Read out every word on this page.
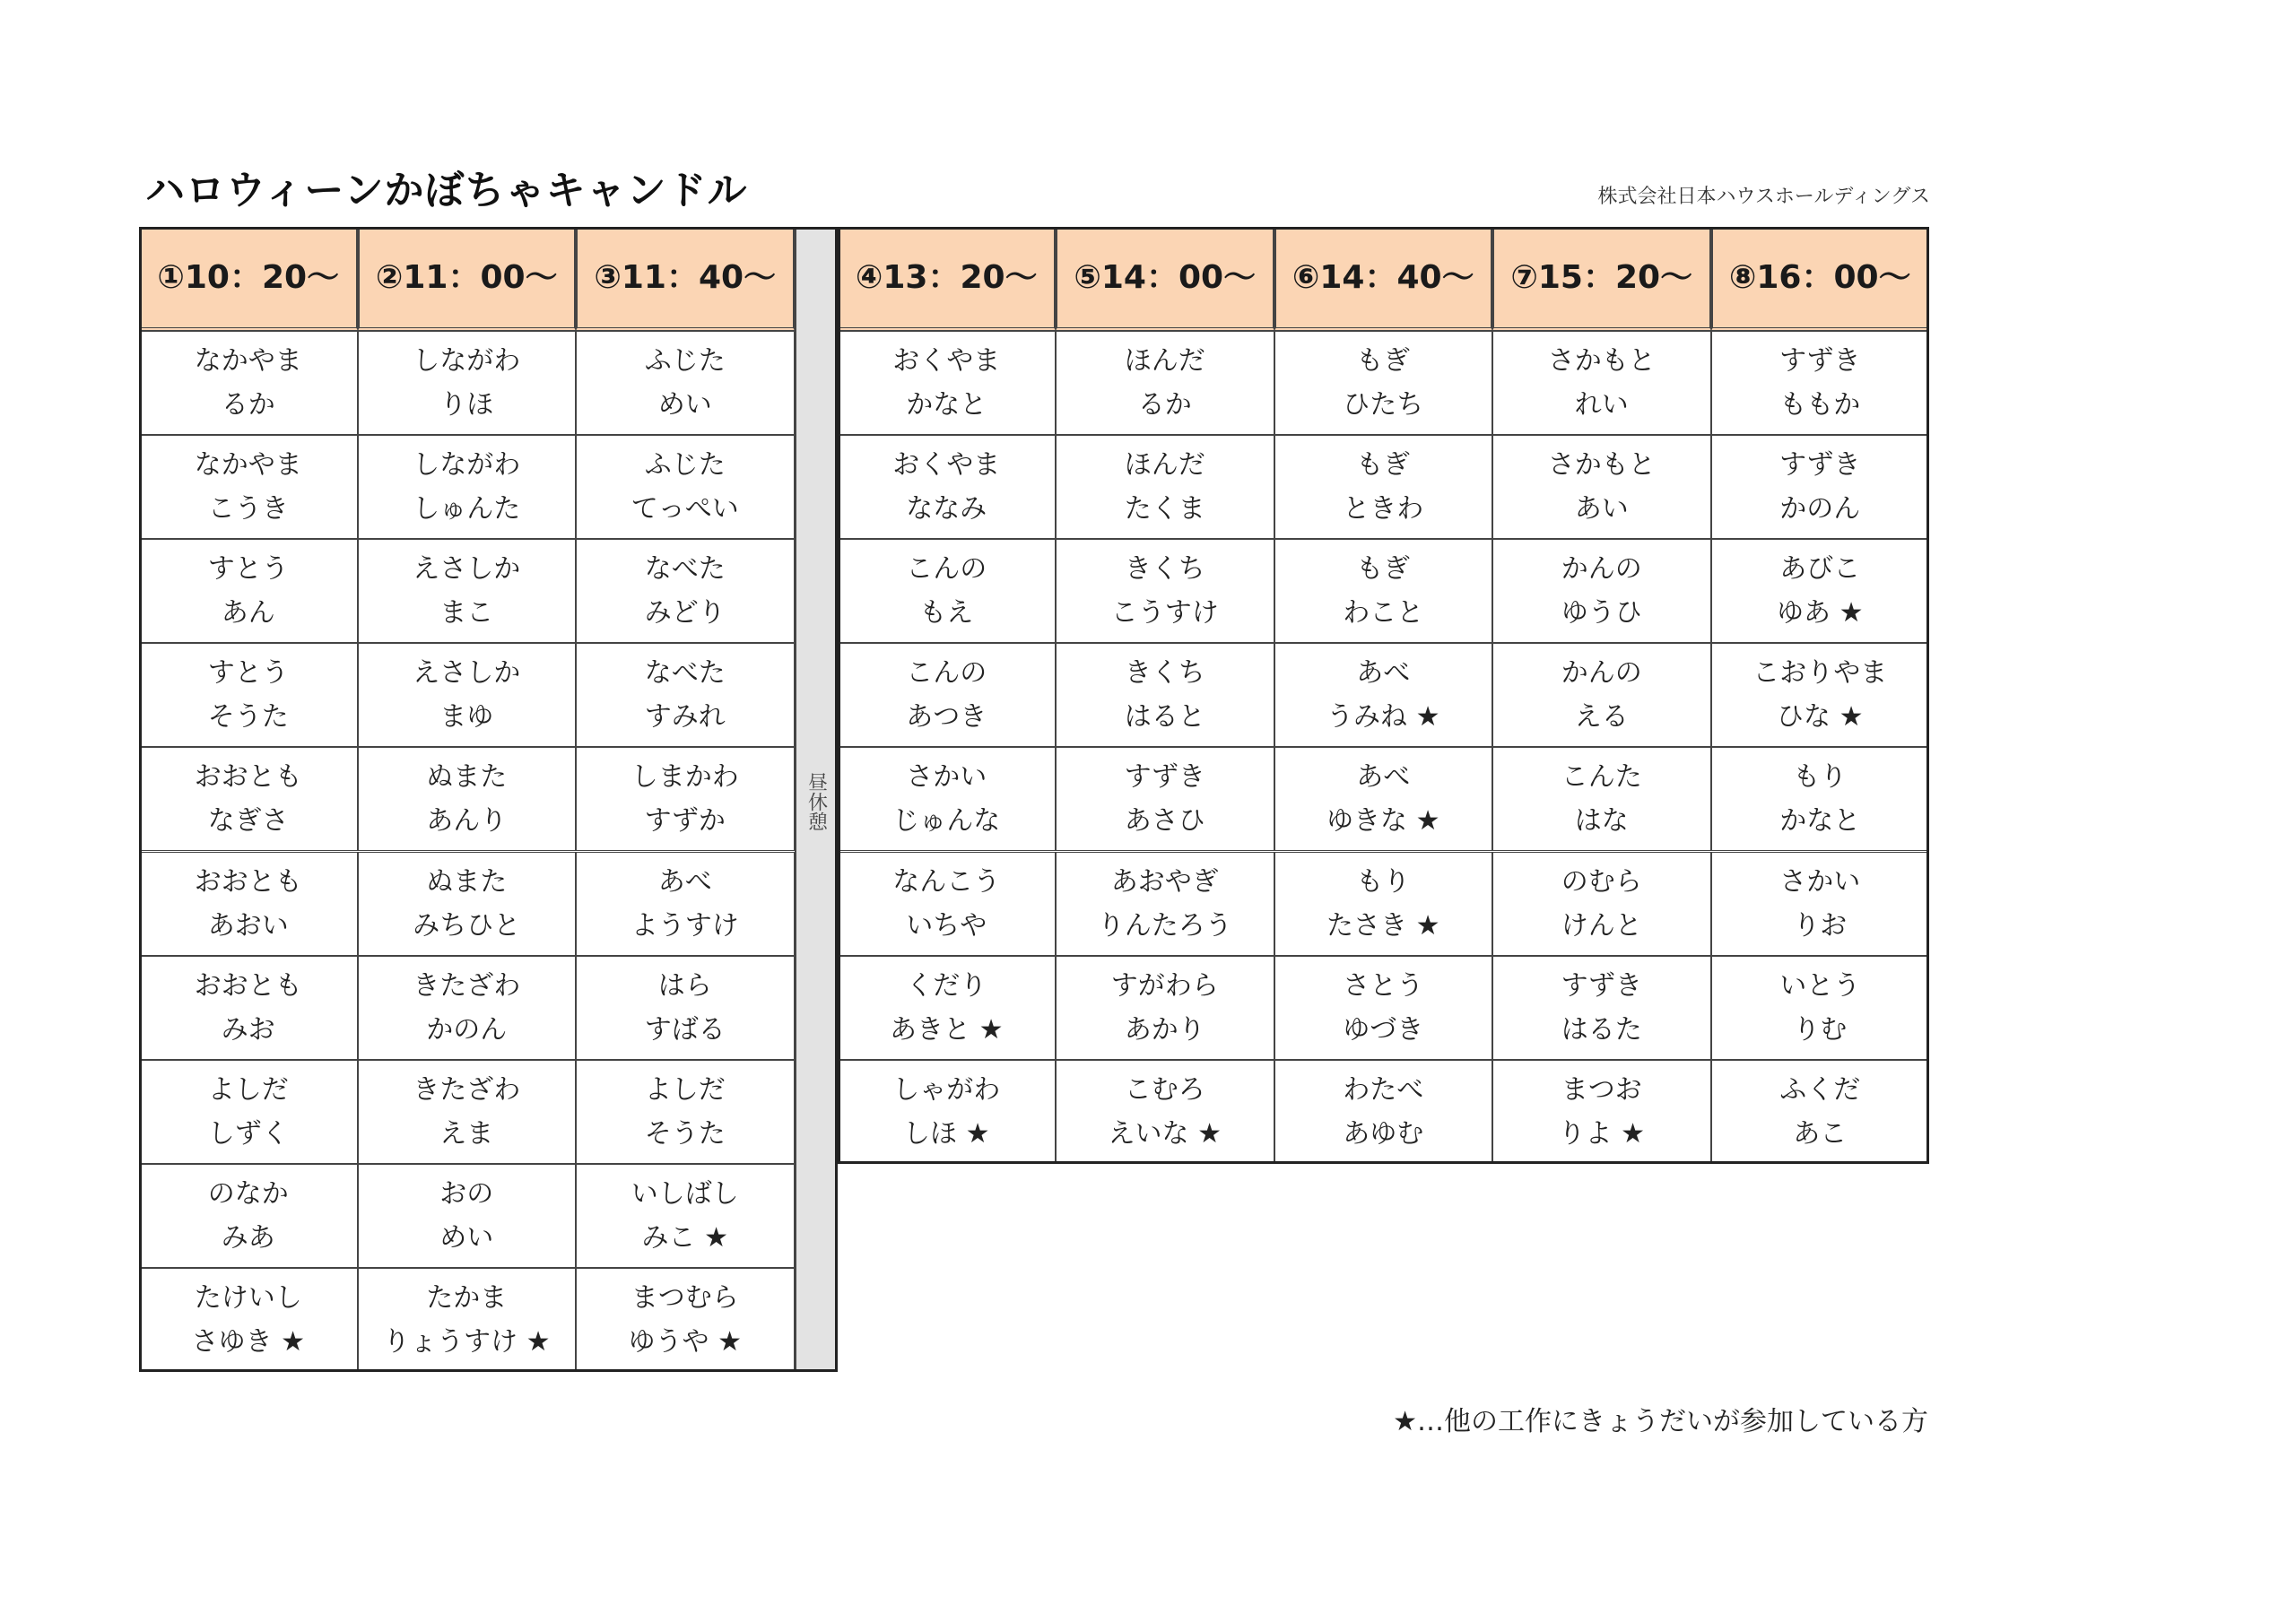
ハロウィーンかぼちゃキャンドル	株式会社日本ハウスホールディングス
昼休憩
①10：20〜
なかやま
るか
なかやま
こうき
すとう
あん
すとう
そうた
おおとも
なぎさ
おおとも
あおい
おおとも
みお
よしだ
しずく
のなか
みあ
たけいし
さゆき ★
②11：00〜
しながわ
りほ
しながわ
しゅんた
えさしか
まこ
えさしか
まゆ
ぬまた
あんり
ぬまた
みちひと
きたざわ
かのん
きたざわ
えま
おの
めい
たかま
りょうすけ ★
③11：40〜
ふじた
めい
ふじた
てっぺい
なべた
みどり
なべた
すみれ
しまかわ
すずか
あべ
ようすけ
はら
すばる
よしだ
そうた
いしばし
みこ ★
まつむら
ゆうや ★
④13：20〜
おくやま
かなと
おくやま
ななみ
こんの
もえ
こんの
あつき
さかい
じゅんな
なんこう
いちや
くだり
あきと ★
しゃがわ
しほ ★
⑤14：00〜
ほんだ
るか
ほんだ
たくま
きくち
こうすけ
きくち
はると
すずき
あさひ
あおやぎ
りんたろう
すがわら
あかり
こむろ
えいな ★
⑥14：40〜
もぎ
ひたち
もぎ
ときわ
もぎ
わこと
あべ
うみね ★
あべ
ゆきな ★
もり
たさき ★
さとう
ゆづき
わたべ
あゆむ
⑦15：20〜
さかもと
れい
さかもと
あい
かんの
ゆうひ
かんの
える
こんた
はな
のむら
けんと
すずき
はるた
まつお
りよ ★
⑧16：00〜
すずき
ももか
すずき
かのん
あびこ
ゆあ ★
こおりやま
ひな ★
もり
かなと
さかい
りお
いとう
りむ
ふくだ
あこ
★…他の工作にきょうだいが参加している方
